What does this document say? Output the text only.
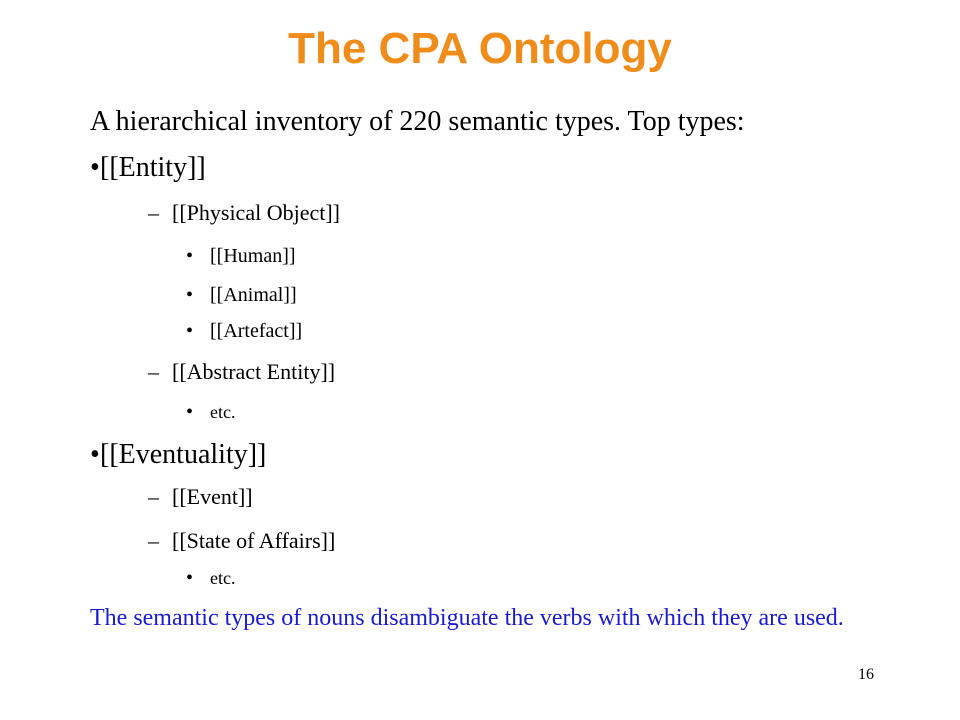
The CPA Ontology
A hierarchical inventory of 220 semantic types. Top types:
•[[Entity]]
– [[Physical Object]]
• [[Human]]
• [[Animal]]
• [[Artefact]]
– [[Abstract Entity]]
• etc.
•[[Eventuality]]
– [[Event]]
– [[State of Affairs]]
• etc.
The semantic types of nouns disambiguate the verbs with which they are used.
16
